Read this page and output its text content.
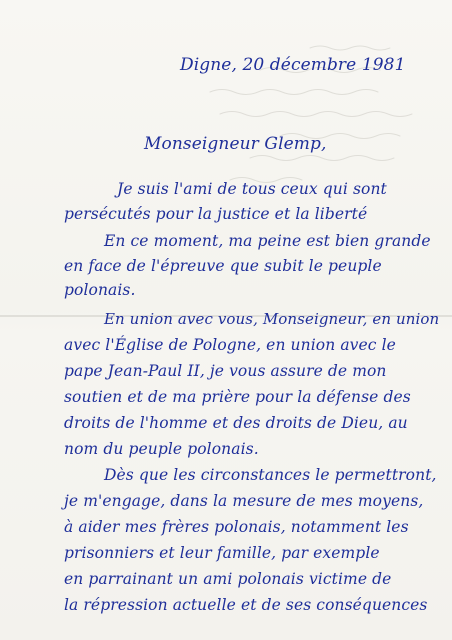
Digne, 20 décembre 1981

Monseigneur Glemp,

Je suis l'ami de tous ceux qui sont

persécutés pour la justice et la liberté

En ce moment, ma peine est bien grande

en face de l'épreuve que subit le peuple

polonais.

En union avec vous, Monseigneur, en union

avec l'Église de Pologne, en union avec le

pape Jean-Paul II, je vous assure de mon

soutien et de ma prière pour la défense des

droits de l'homme et des droits de Dieu, au

nom du peuple polonais.

Dès que les circonstances le permettront,

je m'engage, dans la mesure de mes moyens,

à aider mes frères polonais, notamment les

prisonniers et leur famille, par exemple

en parrainant un ami polonais victime de

la répression actuelle et de ses conséquences
